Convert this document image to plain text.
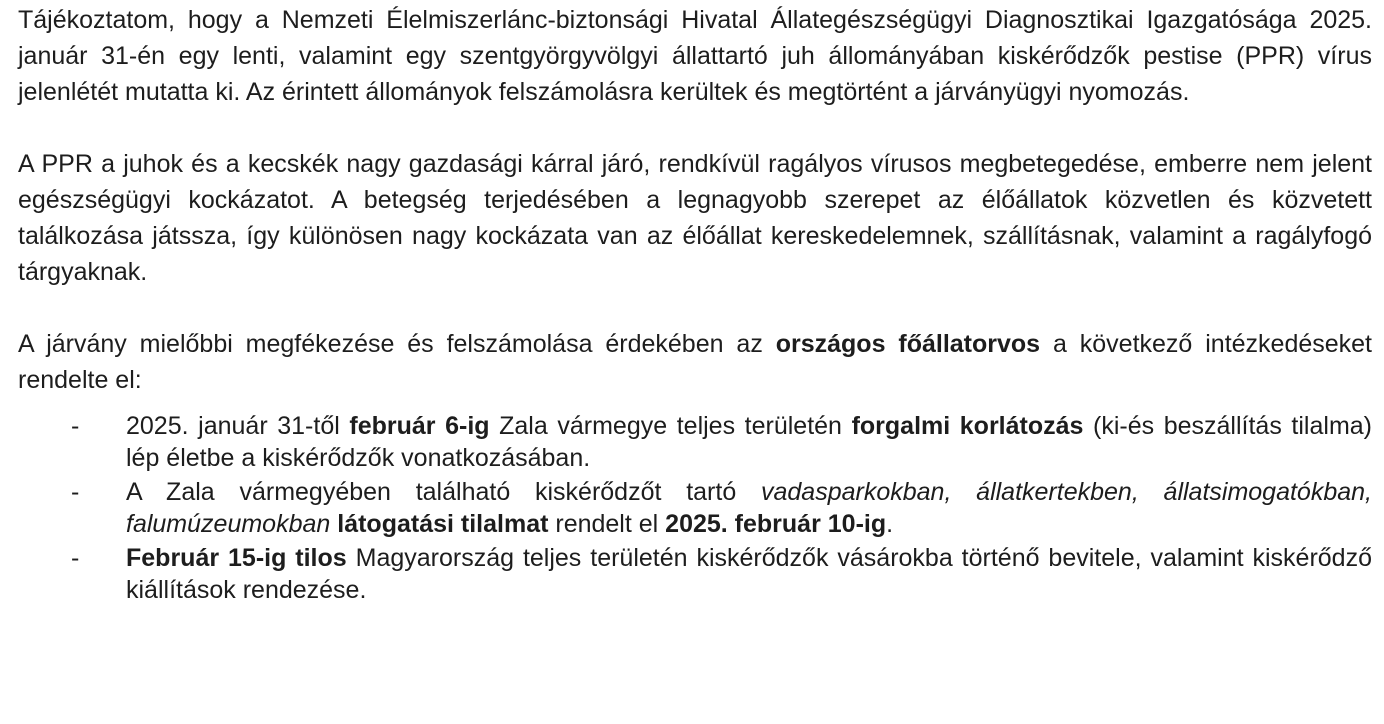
Tájékoztatom, hogy a Nemzeti Élelmiszerlánc-biztonsági Hivatal Állategészségügyi Diagnosztikai Igazgatósága 2025. január 31-én egy lenti, valamint egy szentgyörgyvölgyi állattartó juh állományában kiskérődzők pestise (PPR) vírus jelenlétét mutatta ki. Az érintett állományok felszámolásra kerültek és megtörtént a járványügyi nyomozás.

A PPR a juhok és a kecskék nagy gazdasági kárral járó, rendkívül ragályos vírusos megbetegedése, emberre nem jelent egészségügyi kockázatot. A betegség terjedésében a legnagyobb szerepet az élőállatok közvetlen és közvetett találkozása játssza, így különösen nagy kockázata van az élőállat kereskedelemnek, szállításnak, valamint a ragályfogó tárgyaknak.

A járvány mielőbbi megfékezése és felszámolása érdekében az országos főállatorvos a következő intézkedéseket rendelte el:

- 2025. január 31-től február 6-ig Zala vármegye teljes területén forgalmi korlátozás (ki-és beszállítás tilalma) lép életbe a kiskérődzők vonatkozásában.
- A Zala vármegyében található kiskérődzőt tartó vadasparkokban, állatkertekben, állatsimogatókban, falumúzeumokban látogatási tilalmat rendelt el 2025. február 10-ig.
- Február 15-ig tilos Magyarország teljes területén kiskérődzők vásárokba történő bevitele, valamint kiskérődző kiállítások rendezése.
